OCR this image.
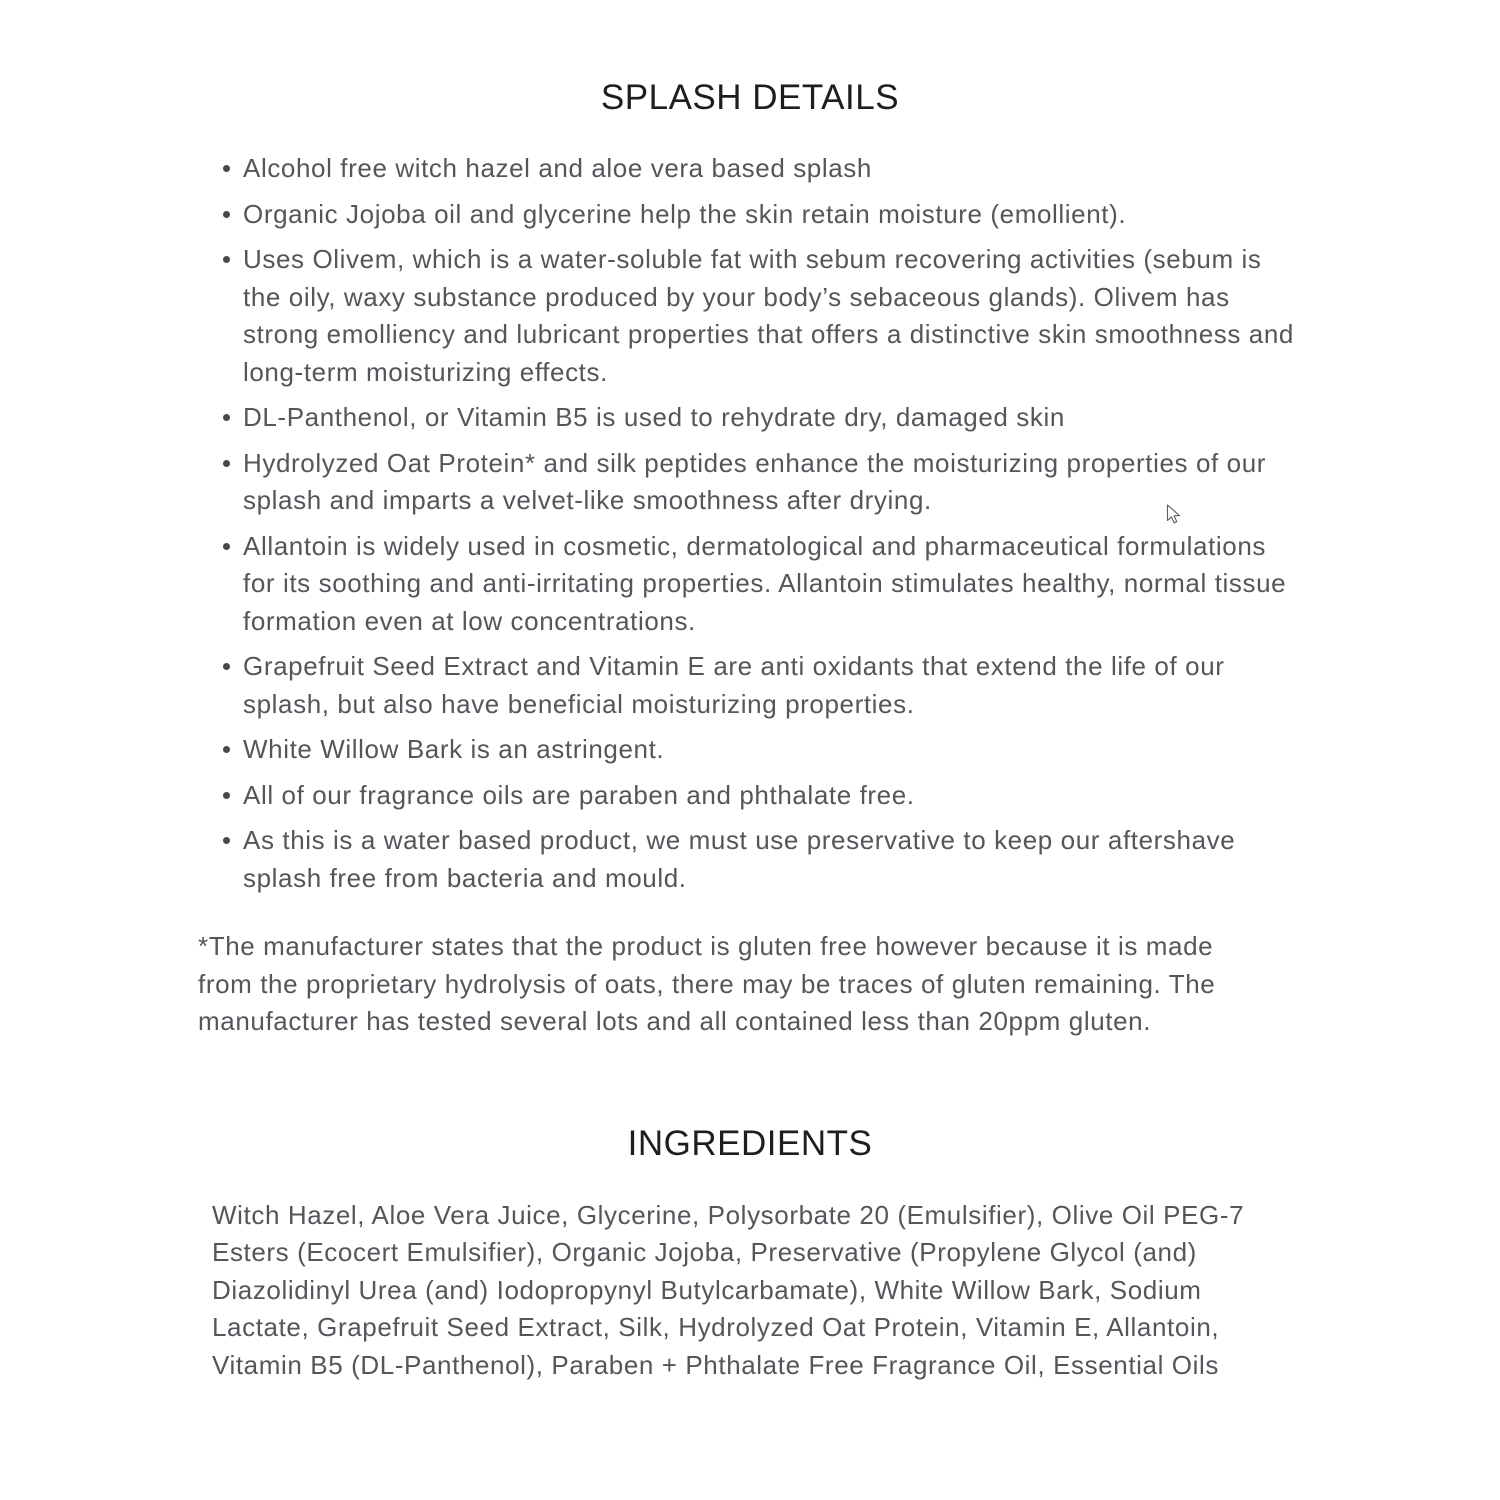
SPLASH DETAILS
Alcohol free witch hazel and aloe vera based splash
Organic Jojoba oil and glycerine help the skin retain moisture (emollient).
Uses Olivem, which is a water-soluble fat with sebum recovering activities (sebum is the oily, waxy substance produced by your body’s sebaceous glands). Olivem has strong emolliency and lubricant properties that offers a distinctive skin smoothness and long-term moisturizing effects.
DL-Panthenol, or Vitamin B5 is used to rehydrate dry, damaged skin
Hydrolyzed Oat Protein* and silk peptides enhance the moisturizing properties of our splash and imparts a velvet-like smoothness after drying.
Allantoin is widely used in cosmetic, dermatological and pharmaceutical formulations for its soothing and anti-irritating properties. Allantoin stimulates healthy, normal tissue formation even at low concentrations.
Grapefruit Seed Extract and Vitamin E are anti oxidants that extend the life of our splash, but also have beneficial moisturizing properties.
White Willow Bark is an astringent.
All of our fragrance oils are paraben and phthalate free.
As this is a water based product, we must use preservative to keep our aftershave splash free from bacteria and mould.

*The manufacturer states that the product is gluten free however because it is made from the proprietary hydrolysis of oats, there may be traces of gluten remaining. The manufacturer has tested several lots and all contained less than 20ppm gluten.

INGREDIENTS

Witch Hazel, Aloe Vera Juice, Glycerine, Polysorbate 20 (Emulsifier), Olive Oil PEG-7 Esters (Ecocert Emulsifier), Organic Jojoba, Preservative (Propylene Glycol (and) Diazolidinyl Urea (and) Iodopropynyl Butylcarbamate), White Willow Bark, Sodium Lactate, Grapefruit Seed Extract, Silk, Hydrolyzed Oat Protein, Vitamin E, Allantoin, Vitamin B5 (DL-Panthenol), Paraben + Phthalate Free Fragrance Oil, Essential Oils
